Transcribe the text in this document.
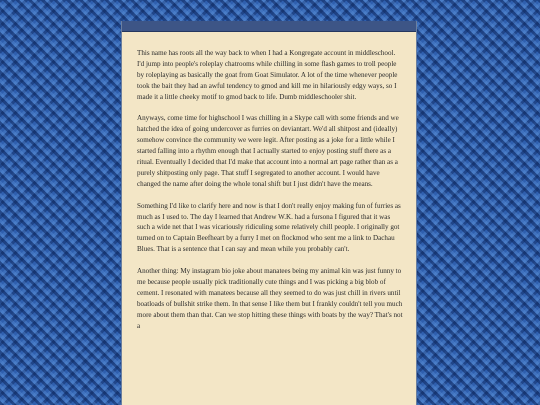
This name has roots all the way back to when I had a Kongregate account in middleschool. I'd jump into people's roleplay chatrooms while chilling in some flash games to troll people by roleplaying as basically the goat from Goat Simulator. A lot of the time whenever people took the bait they had an awful tendency to gmod and kill me in hilariously edgy ways, so I made it a little cheeky motif to gmod back to life. Dumb middleschooler shit.

Anyways, come time for highschool I was chilling in a Skype call with some friends and we hatched the idea of going undercover as furries on deviantart. We'd all shitpost and (ideally) somehow convince the community we were legit. After posting as a joke for a little while I started falling into a rhythm enough that I actually started to enjoy posting stuff there as a ritual. Eventually I decided that I'd make that account into a normal art page rather than as a purely shitposting only page. That stuff I segregated to another account. I would have changed the name after doing the whole tonal shift but I just didn't have the means.

Something I'd like to clarify here and now is that I don't really enjoy making fun of furries as much as I used to. The day I learned that Andrew W.K. had a fursona I figured that it was such a wide net that I was vicariously ridiculing some relatively chill people. I originally got turned on to Captain Beefheart by a furry I met on flockmod who sent me a link to Dachau Blues. That is a sentence that I can say and mean while you probably can't.

Another thing: My instagram bio joke about manatees being my animal kin was just funny to me because people usually pick traditionally cute things and I was picking a big blob of cement. I resonated with manatees because all they seemed to do was just chill in rivers until boatloads of bullshit strike them. In that sense I like them but I frankly couldn't tell you much more about them than that. Can we stop hitting these things with boats by the way? That's not a
